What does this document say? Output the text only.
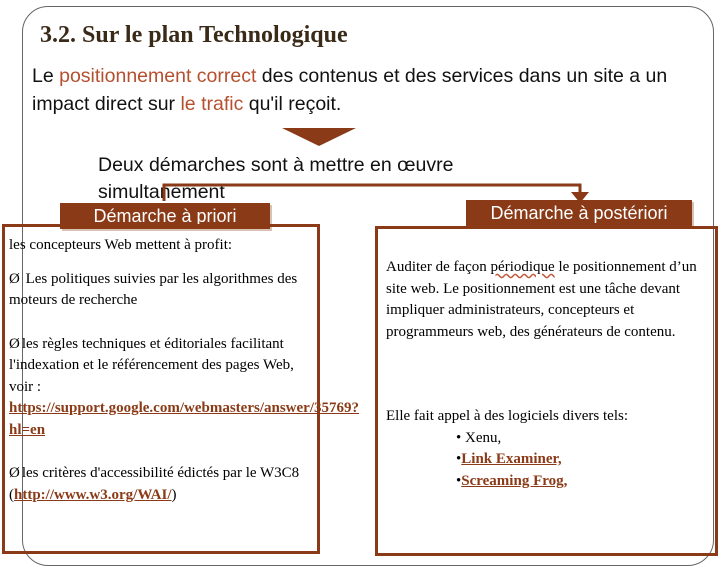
3.2. Sur le plan Technologique
Le positionnement correct des contenus et des services dans un site a un impact direct sur le trafic qu'il reçoit.
Deux démarches sont à mettre en œuvre simultanément
Démarche à priori	Démarche à postériori

les concepteurs Web mettent à profit:

Ø Les politiques suivies par les algorithmes des moteurs de recherche

Ø les règles techniques et éditoriales facilitant l'indexation et le référencement des pages Web, voir :
https://support.google.com/webmasters/answer/35769?hl=en

Ø les critères d'accessibilité édictés par le W3C8 (http://www.w3.org/WAI/)

Auditer de façon périodique le positionnement d’un site web. Le positionnement est une tâche devant impliquer administrateurs, concepteurs et programmeurs web, des générateurs de contenu.

Elle fait appel à des logiciels divers tels:

• Xenu,
•Link Examiner,
•Screaming Frog,
